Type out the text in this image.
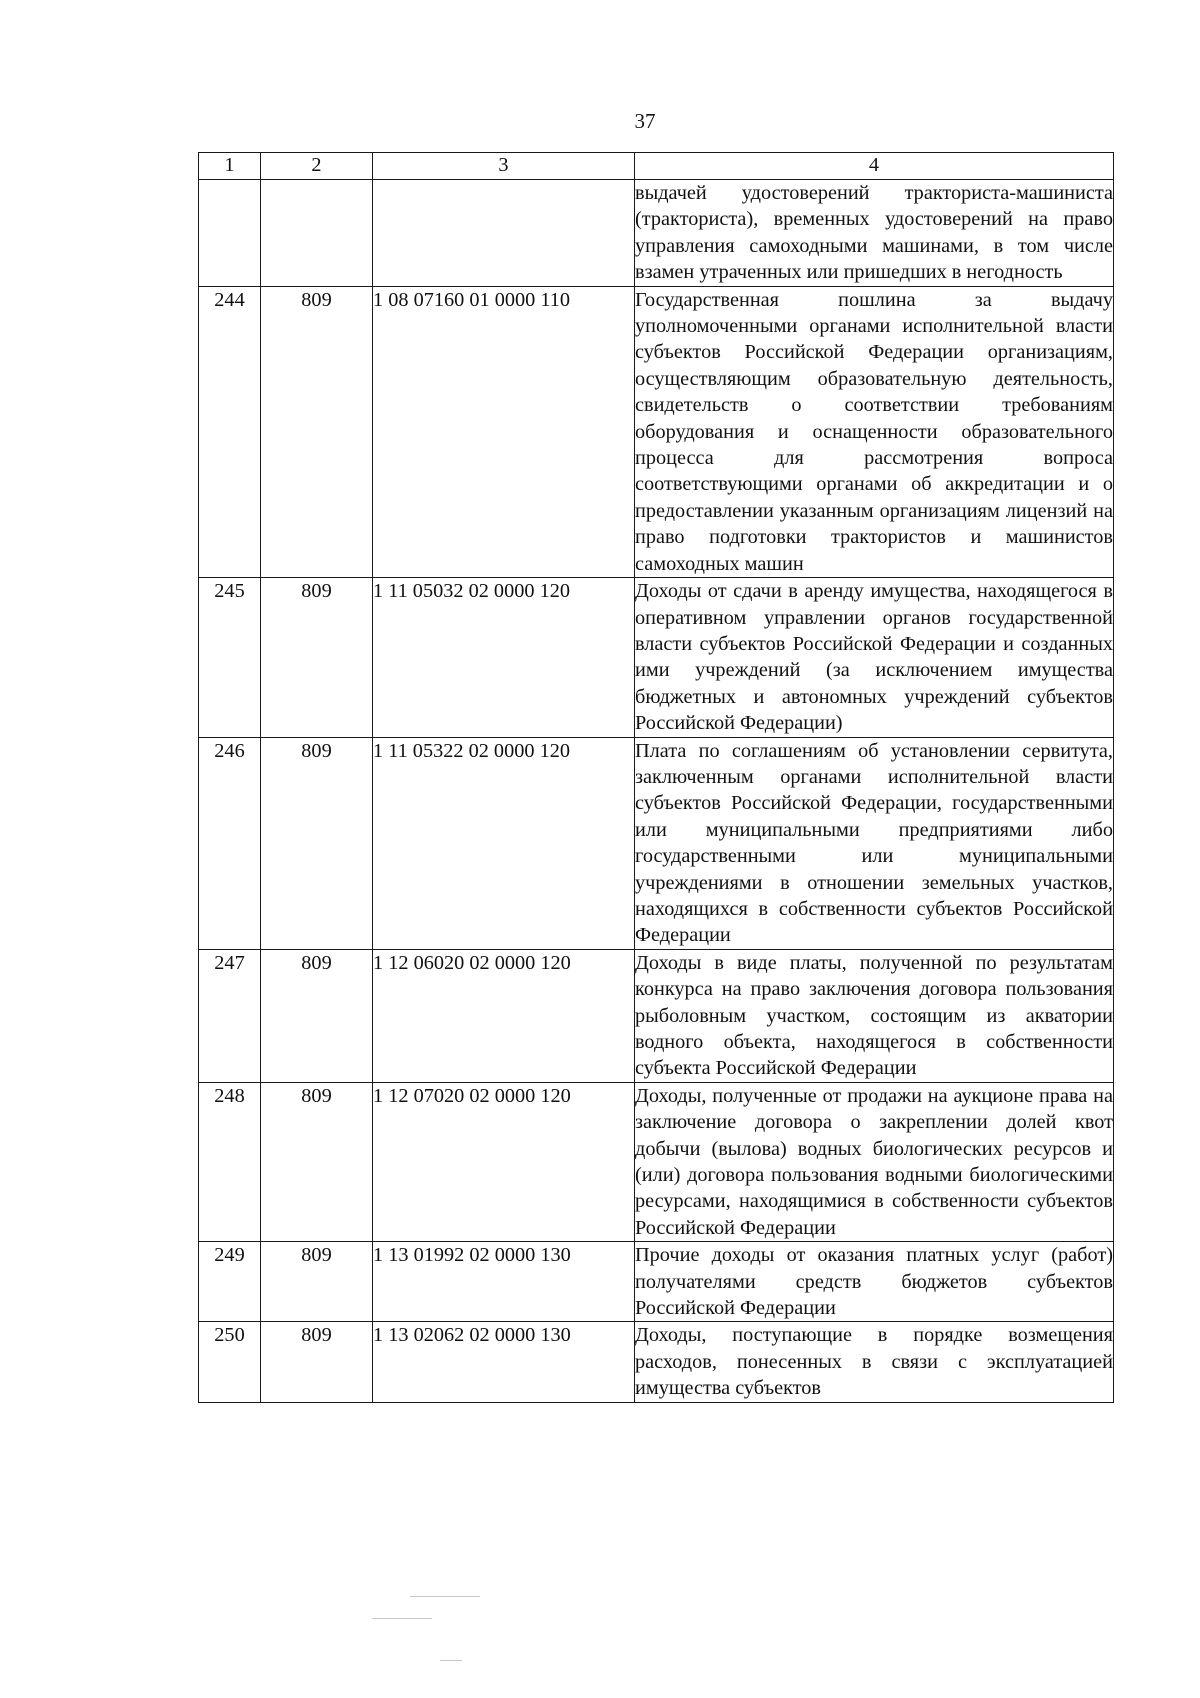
37
1	2	3	4
			выдачей удостоверений тракториста-машиниста (тракториста), временных удостоверений на право управления самоходными машинами, в том числе взамен утраченных или пришедших в негодность
244	809	1 08 07160 01 0000 110	Государственная пошлина за выдачу уполномоченными органами исполнительной власти субъектов Российской Федерации организациям, осуществляющим образовательную деятельность, свидетельств о соответствии требованиям оборудования и оснащенности образовательного процесса для рассмотрения вопроса соответствующими органами об аккредитации и о предоставлении указанным организациям лицензий на право подготовки трактористов и машинистов самоходных машин
245	809	1 11 05032 02 0000 120	Доходы от сдачи в аренду имущества, находящегося в оперативном управлении органов государственной власти субъектов Российской Федерации и созданных ими учреждений (за исключением имущества бюджетных и автономных учреждений субъектов Российской Федерации)
246	809	1 11 05322 02 0000 120	Плата по соглашениям об установлении сервитута, заключенным органами исполнительной власти субъектов Российской Федерации, государственными или муниципальными предприятиями либо государственными или муниципальными учреждениями в отношении земельных участков, находящихся в собственности субъектов Российской Федерации
247	809	1 12 06020 02 0000 120	Доходы в виде платы, полученной по результатам конкурса на право заключения договора пользования рыболовным участком, состоящим из акватории водного объекта, находящегося в собственности субъекта Российской Федерации
248	809	1 12 07020 02 0000 120	Доходы, полученные от продажи на аукционе права на заключение договора о закреплении долей квот добычи (вылова) водных биологических ресурсов и (или) договора пользования водными биологическими ресурсами, находящимися в собственности субъектов Российской Федерации
249	809	1 13 01992 02 0000 130	Прочие доходы от оказания платных услуг (работ) получателями средств бюджетов субъектов Российской Федерации
250	809	1 13 02062 02 0000 130	Доходы, поступающие в порядке возмещения расходов, понесенных в связи с эксплуатацией имущества субъектов
